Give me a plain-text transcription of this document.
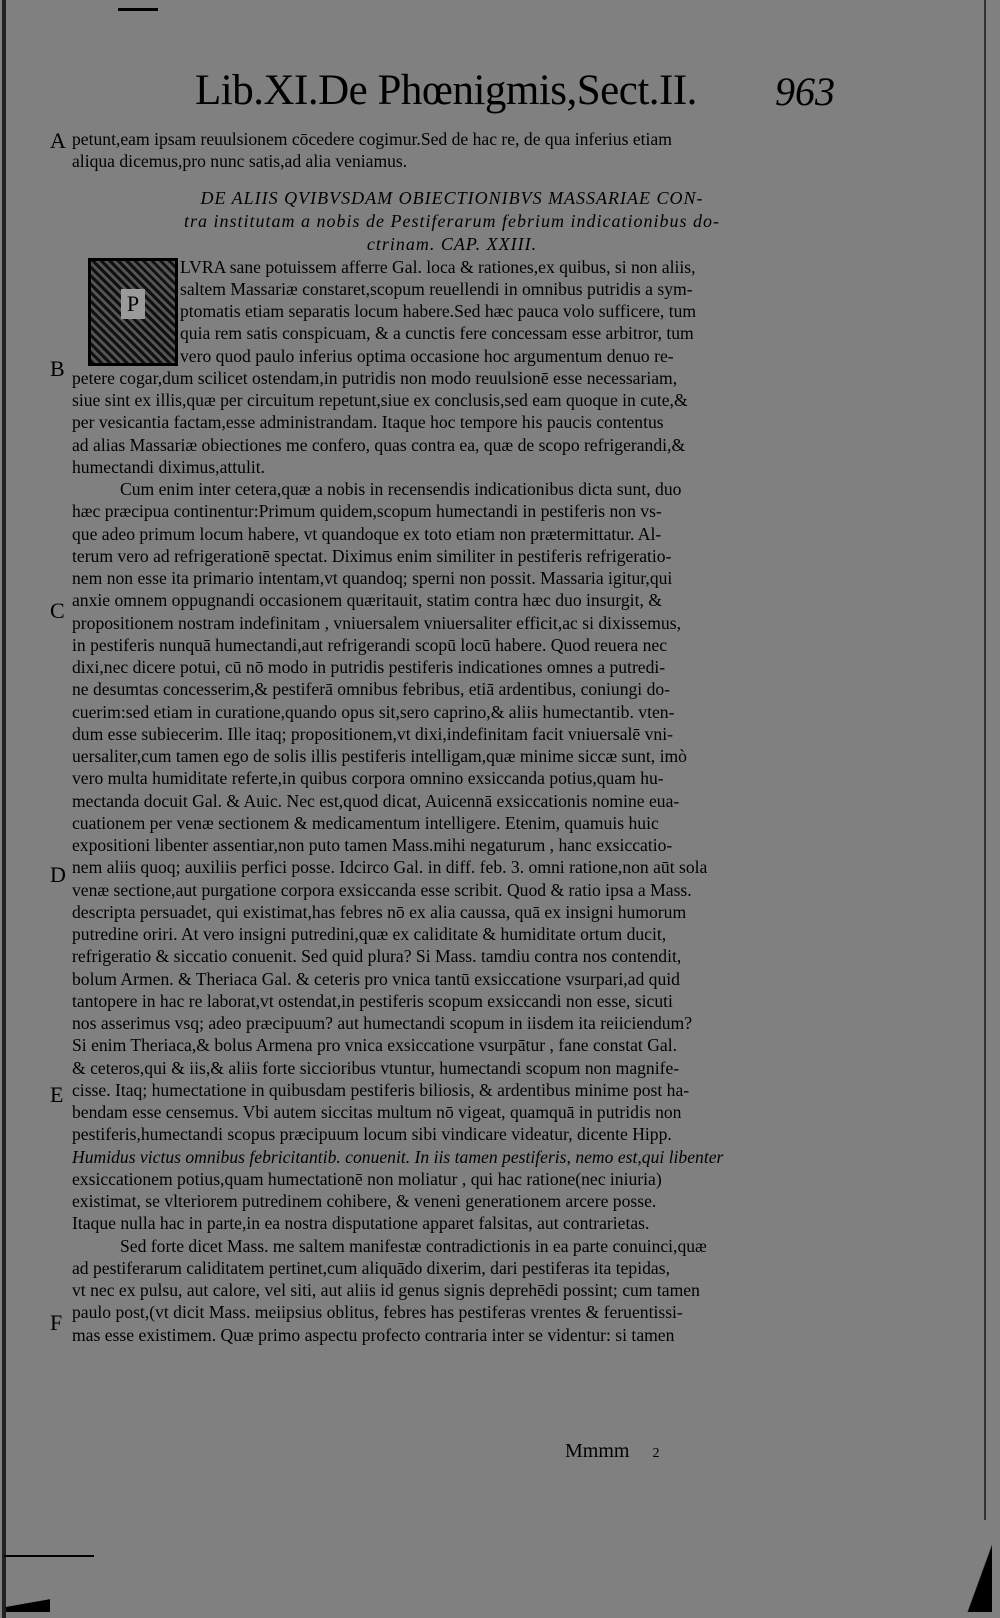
Lib.XI.De Phœnigmis,Sect.II. 963
A
B
C
D
E
F
petunt,eam ipsam reuulsionem cōcedere cogimur.Sed de hac re, de qua inferius etiam
aliqua dicemus,pro nunc satis,ad alia veniamus.
DE ALIIS QVIBVSDAM OBIECTIONIBVS MASSARIAE CON-
tra institutam a nobis de Pestiferarum febrium indicationibus do-
ctrinam. CAP. XXIII.
P
LVRA sane potuissem afferre Gal. loca & rationes,ex quibus, si non aliis,
saltem Massariæ constaret,scopum reuellendi in omnibus putridis a sym-
ptomatis etiam separatis locum habere.Sed hæc pauca volo sufficere, tum
quia rem satis conspicuam, & a cunctis fere concessam esse arbitror, tum
vero quod paulo inferius optima occasione hoc argumentum denuo re-
petere cogar,dum scilicet ostendam,in putridis non modo reuulsionē esse necessariam,
siue sint ex illis,quæ per circuitum repetunt,siue ex conclusis,sed eam quoque in cute,&
per vesicantia factam,esse administrandam. Itaque hoc tempore his paucis contentus
ad alias Massariæ obiectiones me confero, quas contra ea, quæ de scopo refrigerandi,&
humectandi diximus,attulit.
Cum enim inter cetera,quæ a nobis in recensendis indicationibus dicta sunt, duo
hæc præcipua continentur:Primum quidem,scopum humectandi in pestiferis non vs-
que adeo primum locum habere, vt quandoque ex toto etiam non prætermittatur. Al-
terum vero ad refrigerationē spectat. Diximus enim similiter in pestiferis refrigeratio-
nem non esse ita primario intentam,vt quandoq; sperni non possit. Massaria igitur,qui
anxie omnem oppugnandi occasionem quæritauit, statim contra hæc duo insurgit, &
propositionem nostram indefinitam , vniuersalem vniuersaliter efficit,ac si dixissemus,
in pestiferis nunquā humectandi,aut refrigerandi scopū locū habere. Quod reuera nec
dixi,nec dicere potui, cū nō modo in putridis pestiferis indicationes omnes a putredi-
ne desumtas concesserim,& pestiferā omnibus febribus, etiā ardentibus, coniungi do-
cuerim:sed etiam in curatione,quando opus sit,sero caprino,& aliis humectantib. vten-
dum esse subiecerim. Ille itaq; propositionem,vt dixi,indefinitam facit vniuersalē vni-
uersaliter,cum tamen ego de solis illis pestiferis intelligam,quæ minime siccæ sunt, imò
vero multa humiditate referte,in quibus corpora omnino exsiccanda potius,quam hu-
mectanda docuit Gal. & Auic. Nec est,quod dicat, Auicennā exsiccationis nomine eua-
cuationem per venæ sectionem & medicamentum intelligere. Etenim, quamuis huic
expositioni libenter assentiar,non puto tamen Mass.mihi negaturum , hanc exsiccatio-
nem aliis quoq; auxiliis perfici posse. Idcirco Gal. in diff. feb. 3. omni ratione,non aūt sola
venæ sectione,aut purgatione corpora exsiccanda esse scribit. Quod & ratio ipsa a Mass.
descripta persuadet, qui existimat,has febres nō ex alia caussa, quā ex insigni humorum
putredine oriri. At vero insigni putredini,quæ ex caliditate & humiditate ortum ducit,
refrigeratio & siccatio conuenit. Sed quid plura? Si Mass. tamdiu contra nos contendit,
bolum Armen. & Theriaca Gal. & ceteris pro vnica tantū exsiccatione vsurpari,ad quid
tantopere in hac re laborat,vt ostendat,in pestiferis scopum exsiccandi non esse, sicuti
nos asserimus vsq; adeo præcipuum? aut humectandi scopum in iisdem ita reiiciendum?
Si enim Theriaca,& bolus Armena pro vnica exsiccatione vsurpātur , fane constat Gal.
& ceteros,qui & iis,& aliis forte siccioribus vtuntur, humectandi scopum non magnife-
cisse. Itaq; humectatione in quibusdam pestiferis biliosis, & ardentibus minime post ha-
bendam esse censemus. Vbi autem siccitas multum nō vigeat, quamquā in putridis non
pestiferis,humectandi scopus præcipuum locum sibi vindicare videatur, dicente Hipp.
Humidus victus omnibus febricitantib. conuenit. In iis tamen pestiferis, nemo est,qui libenter
exsiccationem potius,quam humectationē non moliatur , qui hac ratione(nec iniuria)
existimat, se vlteriorem putredinem cohibere, & veneni generationem arcere posse.
Itaque nulla hac in parte,in ea nostra disputatione apparet falsitas, aut contrarietas.
Sed forte dicet Mass. me saltem manifestæ contradictionis in ea parte conuinci,quæ
ad pestiferarum caliditatem pertinet,cum aliquādo dixerim, dari pestiferas ita tepidas,
vt nec ex pulsu, aut calore, vel siti, aut aliis id genus signis deprehēdi possint; cum tamen
paulo post,(vt dicit Mass. meiipsius oblitus, febres has pestiferas vrentes & feruentissi-
mas esse existimem. Quæ primo aspectu profecto contraria inter se videntur: si tamen
Mmmm 2
